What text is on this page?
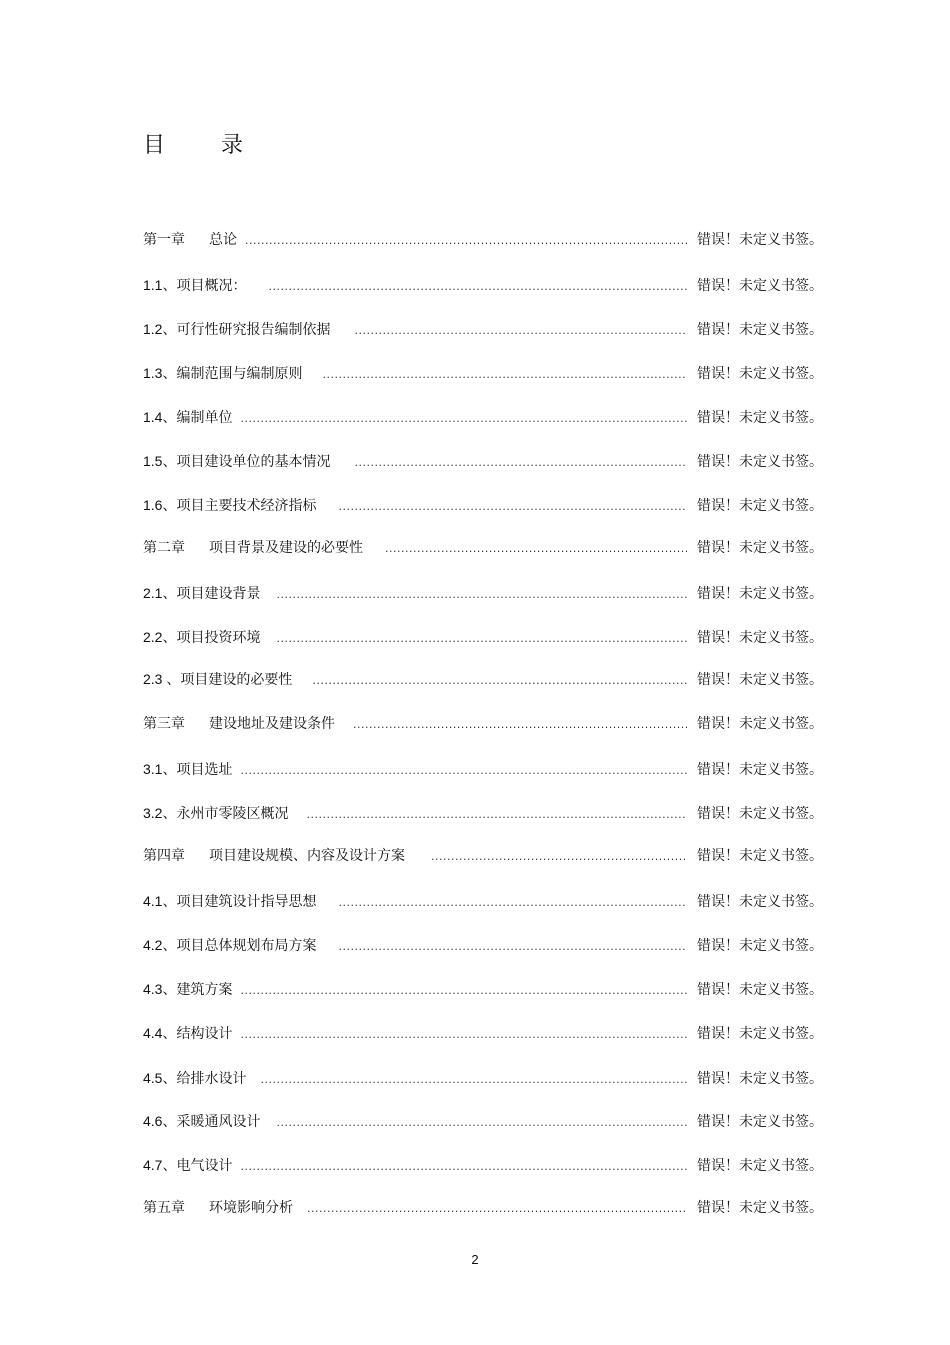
目	录
第一章 总论 .....	错误！未定义书签。
1.1、 项目概况： .....	错误！未定义书签。
1.2、 可行性研究报告编制依据 .....	错误！未定义书签。
1.3、 编制范围与编制原则 .....	错误！未定义书签。
1.4、 编制单位 .....	错误！未定义书签。
1.5、 项目建设单位的基本情况 .....	错误！未定义书签。
1.6、 项目主要技术经济指标 .....	错误！未定义书签。
第二章 项目背景及建设的必要性 .....	错误！未定义书签。
2.1、 项目建设背景 .....	错误！未定义书签。
2.2、 项目投资环境 .....	错误！未定义书签。
2.3 、 项目建设的必要性 .....	错误！未定义书签。
第三章 建设地址及建设条件 .....	错误！未定义书签。
3.1、 项目选址 .....	错误！未定义书签。
3.2、 永州市零陵区概况 .....	错误！未定义书签。
第四章 项目建设规模、内容及设计方案 .....	错误！未定义书签。
4.1、 项目建筑设计指导思想 .....	错误！未定义书签。
4.2、 项目总体规划布局方案 .....	错误！未定义书签。
4.3、 建筑方案 .....	错误！未定义书签。
4.4、 结构设计 .....	错误！未定义书签。
4.5、 给排水设计 .....	错误！未定义书签。
4.6、 采暖通风设计 .....	错误！未定义书签。
4.7、 电气设计 .....	错误！未定义书签。
第五章 环境影响分析 .....	错误！未定义书签。
2
